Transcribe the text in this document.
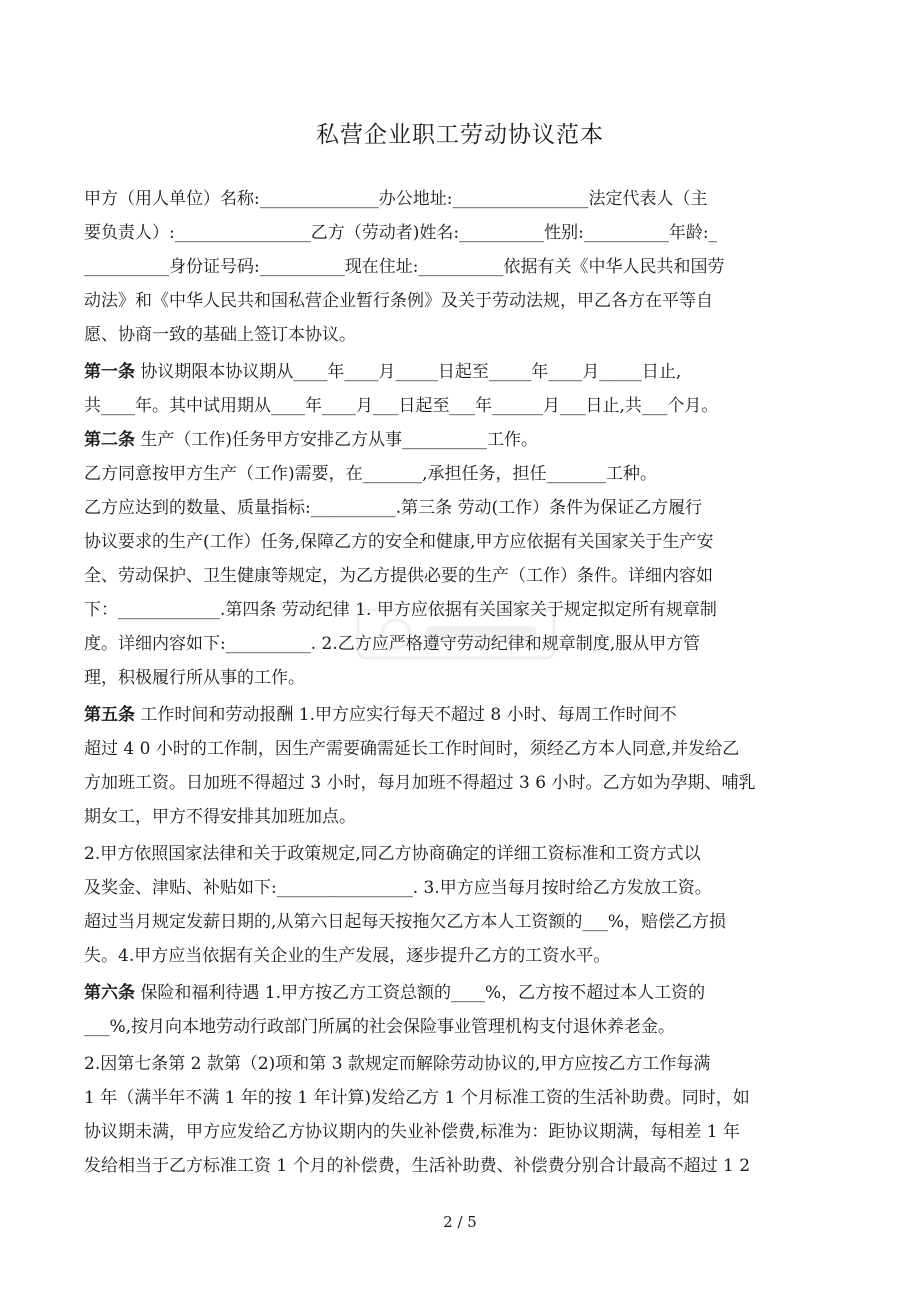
私营企业职工劳动协议范本
甲方（用人单位）名称:______________办公地址:________________法定代表人（主
要负责人）:________________乙方（劳动者)姓名:__________性别:__________年龄:_
__________身份证号码:__________现在住址:__________依据有关《中华人民共和国劳
动法》和《中华人民共和国私营企业暂行条例》及关于劳动法规，甲乙各方在平等自
愿、协商一致的基础上签订本协议。
第一条 协议期限本协议期从____年____月_____日起至_____年____月_____日止,
共____年。其中试用期从____年____月___日起至___年______月___日止,共___个月。
第二条 生产（工作)任务甲方安排乙方从事__________工作。
乙方同意按甲方生产（工作)需要，在_______,承担任务，担任_______工种。
乙方应达到的数量、质量指标:__________.第三条 劳动(工作）条件为保证乙方履行
协议要求的生产(工作）任务,保障乙方的安全和健康,甲方应依据有关国家关于生产安
全、劳动保护、卫生健康等规定，为乙方提供必要的生产（工作）条件。详细内容如
下：____________.第四条 劳动纪律 1. 甲方应依据有关国家关于规定拟定所有规章制
度。详细内容如下:__________. 2.乙方应严格遵守劳动纪律和规章制度,服从甲方管
理，积极履行所从事的工作。
第五条 工作时间和劳动报酬 1.甲方应实行每天不超过 8 小时、每周工作时间不
超过 4 0 小时的工作制，因生产需要确需延长工作时间时，须经乙方本人同意,并发给乙
方加班工资。日加班不得超过 3 小时，每月加班不得超过 3 6 小时。乙方如为孕期、哺乳
期女工，甲方不得安排其加班加点。
2.甲方依照国家法律和关于政策规定,同乙方协商确定的详细工资标准和工资方式以
及奖金、津贴、补贴如下:________________. 3.甲方应当每月按时给乙方发放工资。
超过当月规定发薪日期的,从第六日起每天按拖欠乙方本人工资额的___%，赔偿乙方损
失。4.甲方应当依据有关企业的生产发展，逐步提升乙方的工资水平。
第六条 保险和福利待遇 1.甲方按乙方工资总额的____%，乙方按不超过本人工资的
___%,按月向本地劳动行政部门所属的社会保险事业管理机构支付退休养老金。
2.因第七条第 2 款第（2)项和第 3 款规定而解除劳动协议的,甲方应按乙方工作每满
1 年（满半年不满 1 年的按 1 年计算)发给乙方 1 个月标准工资的生活补助费。同时，如
协议期未满，甲方应发给乙方协议期内的失业补偿费,标准为：距协议期满，每相差 1 年
发给相当于乙方标准工资 1 个月的补偿费，生活补助费、补偿费分别合计最高不超过 1 2
2 / 5
